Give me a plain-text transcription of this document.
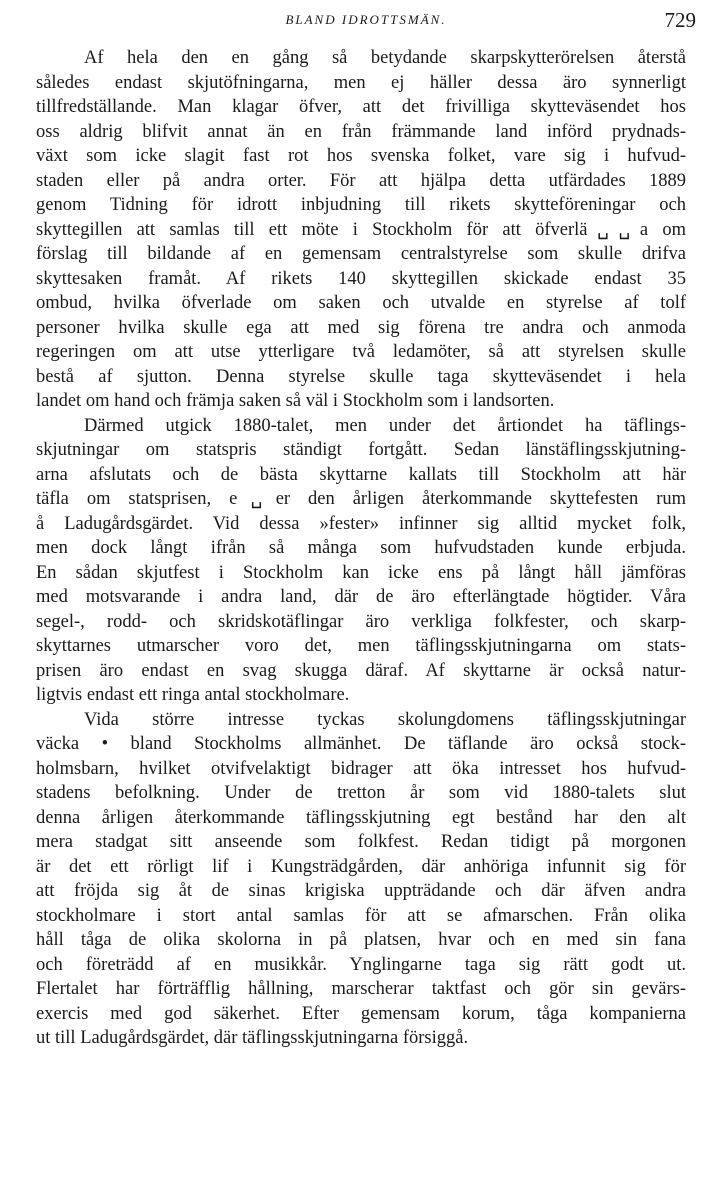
BLAND IDROTTSMÄN.	729
Af hela den en gång så betydande skarpskytterörelsen återstå
således endast skjutöfningarna, men ej häller dessa äro synnerligt
tillfredställande. Man klagar öfver, att det frivilliga skytteväsendet hos
oss aldrig blifvit annat än en från främmande land införd prydnads-
växt som icke slagit fast rot hos svenska folket, vare sig i hufvud-
staden eller på andra orter. För att hjälpa detta utfärdades 1889
genom Tidning för idrott inbjudning till rikets skytteföreningar och
skyttegillen att samlas till ett möte i Stockholm för att öfverlä␣␣a om
förslag till bildande af en gemensam centralstyrelse som skulle drifva
skyttesaken framåt. Af rikets 140 skyttegillen skickade endast 35
ombud, hvilka öfverlade om saken och utvalde en styrelse af tolf
personer hvilka skulle ega att med sig förena tre andra och anmoda
regeringen om att utse ytterligare två ledamöter, så att styrelsen skulle
bestå af sjutton. Denna styrelse skulle taga skytteväsendet i hela
landet om hand och främja saken så väl i Stockholm som i landsorten.
Därmed utgick 1880-talet, men under det årtiondet ha täflings-
skjutningar om statspris ständigt fortgått. Sedan länstäflingsskjutning-
arna afslutats och de bästa skyttarne kallats till Stockholm att här
täfla om statsprisen, e␣er den årligen återkommande skyttefesten rum
å Ladugårdsgärdet. Vid dessa »fester» infinner sig alltid mycket folk,
men dock långt ifrån så många som hufvudstaden kunde erbjuda.
En sådan skjutfest i Stockholm kan icke ens på långt håll jämföras
med motsvarande i andra land, där de äro efterlängtade högtider. Våra
segel-, rodd- och skridskotäflingar äro verkliga folkfester, och skarp-
skyttarnes utmarscher voro det, men täflingsskjutningarna om stats-
prisen äro endast en svag skugga däraf. Af skyttarne är också natur-
ligtvis endast ett ringa antal stockholmare.
Vida större intresse tyckas skolungdomens täflingsskjutningar
väcka • bland Stockholms allmänhet. De täflande äro också stock-
holmsbarn, hvilket otvifvelaktigt bidrager att öka intresset hos hufvud-
stadens befolkning. Under de tretton år som vid 1880-talets slut
denna årligen återkommande täflingsskjutning egt bestånd har den alt
mera stadgat sitt anseende som folkfest. Redan tidigt på morgonen
är det ett rörligt lif i Kungsträdgården, där anhöriga infunnit sig för
att fröjda sig åt de sinas krigiska uppträdande och där äfven andra
stockholmare i stort antal samlas för att se afmarschen. Från olika
håll tåga de olika skolorna in på platsen, hvar och en med sin fana
och företrädd af en musikkår. Ynglingarne taga sig rätt godt ut.
Flertalet har förträfflig hållning, marscherar taktfast och gör sin gevärs-
exercis med god säkerhet. Efter gemensam korum, tåga kompanierna
ut till Ladugårdsgärdet, där täflingsskjutningarna försiggå.
